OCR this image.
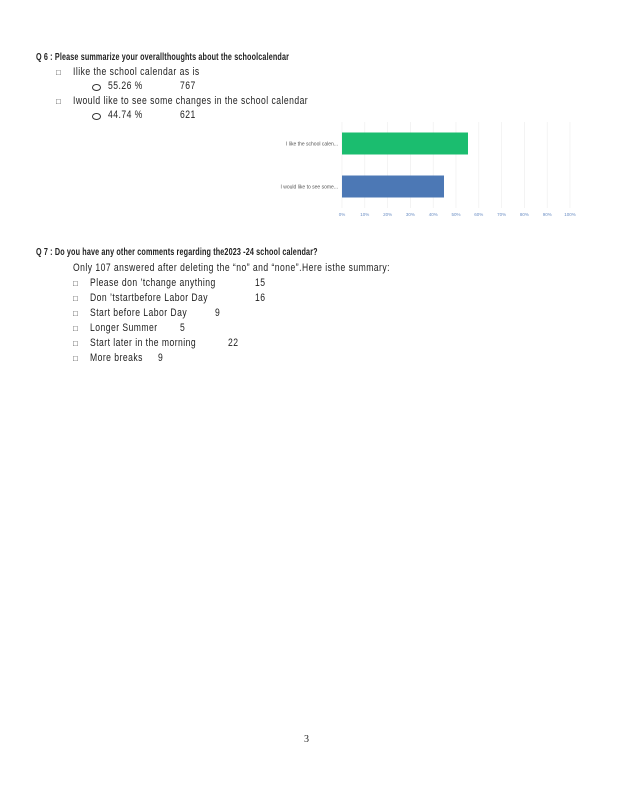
Q 6 : Please summarize your overallthoughts about the schoolcalendar
□ Ilike the school calendar as is
55.26 %	767
□ Iwould like to see some changes in the school calendar
44.74 %	621
0%	10%	20%	30%	40%	50%	60%	70%	80%	90%	100%
I like the school calen...
I would like to see some...
Q 7 : Do you have any other comments regarding the2023 -24 school calendar?
Only 107 answered after deleting the “no” and “none”.Here isthe summary:
□ Please don ’tchange anything	15
□ Don ’tstartbefore Labor Day	16
□ Start before Labor Day	9
□ Longer Summer 5
□ Start later in the morning	22
□ More breaks 9
3
